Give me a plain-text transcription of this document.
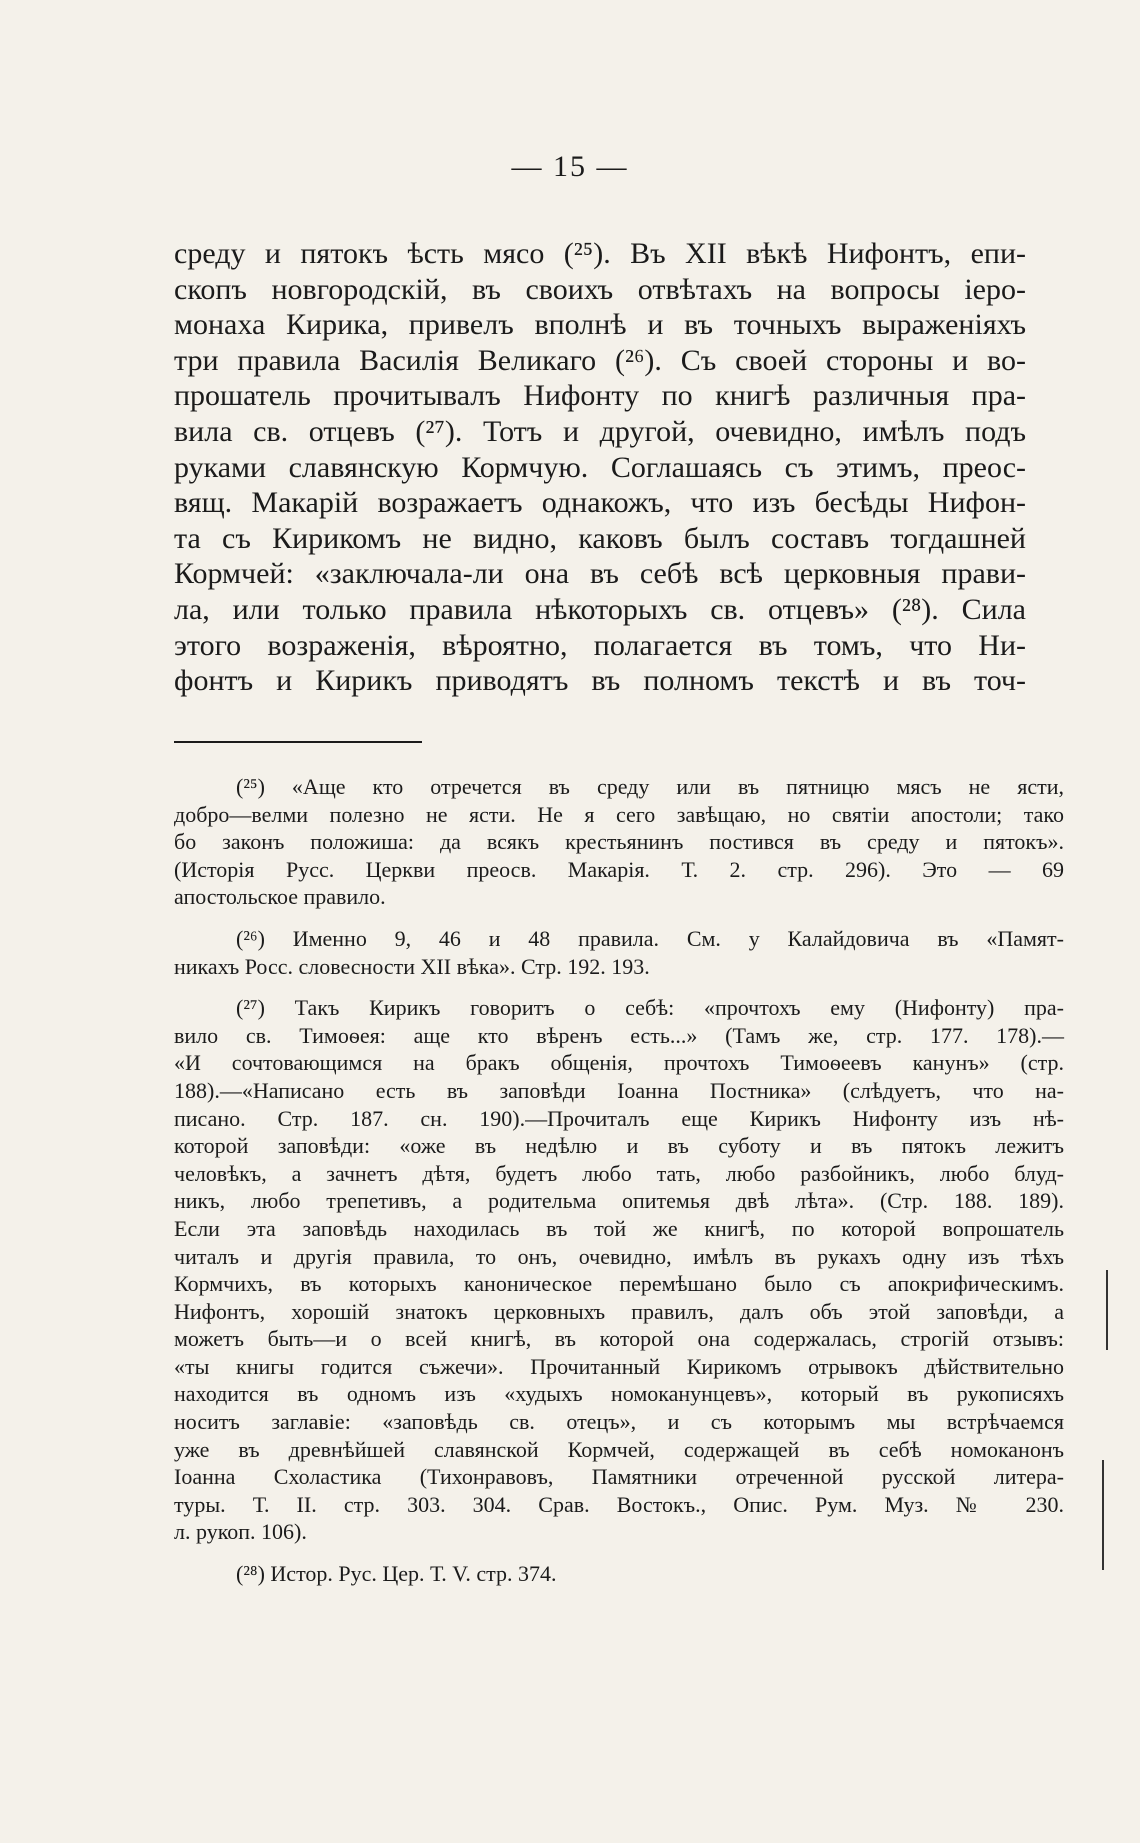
— 15 —
среду и пятокъ ѣсть мясо (²⁵). Въ XII вѣкѣ Нифонтъ, епи-
скопъ новгородскій, въ своихъ отвѣтахъ на вопросы іеро-
монаха Кирика, привелъ вполнѣ и въ точныхъ выраженіяхъ
три правила Василія Великаго (²⁶). Съ своей стороны и во-
прошатель прочитывалъ Нифонту по книгѣ различныя пра-
вила св. отцевъ (²⁷). Тотъ и другой, очевидно, имѣлъ подъ
руками славянскую Кормчую. Соглашаясь съ этимъ, преос-
вящ. Макарій возражаетъ однакожъ, что изъ бесѣды Нифон-
та съ Кирикомъ не видно, каковъ былъ составъ тогдашней
Кормчей: «заключала-ли она въ себѣ всѣ церковныя прави-
ла, или только правила нѣкоторыхъ св. отцевъ» (²⁸). Сила
этого возраженія, вѣроятно, полагается въ томъ, что Ни-
фонтъ и Кирикъ приводятъ въ полномъ текстѣ и въ точ-
(²⁵) «Аще кто отречется въ среду или въ пятницю мясъ не ясти,
добро—велми полезно не ясти. Не я сего завѣщаю, но святіи апостоли; тако
бо законъ положиша: да всякъ крестьянинъ постився въ среду и пятокъ».
(Исторія Русс. Церкви преосв. Макарія. Т. 2. стр. 296). Это — 69
апостольское правило.
(²⁶) Именно 9, 46 и 48 правила. См. у Калайдовича въ «Памят-
никахъ Росс. словесности XII вѣка». Стр. 192. 193.
(²⁷) Такъ Кирикъ говоритъ о себѣ: «прочтохъ ему (Нифонту) пра-
вило св. Тимоѳея: аще кто вѣренъ есть...» (Тамъ же, стр. 177. 178).—
«И сочтовающимся на бракъ общенія, прочтохъ Тимоѳеевъ канунъ» (стр.
188).—«Написано есть въ заповѣди Іоанна Постника» (слѣдуетъ, что на-
писано. Стр. 187. сн. 190).—Прочиталъ еще Кирикъ Нифонту изъ нѣ-
которой заповѣди: «оже въ недѣлю и въ суботу и въ пятокъ лежитъ
человѣкъ, а зачнетъ дѣтя, будетъ любо тать, любо разбойникъ, любо блуд-
никъ, любо трепетивъ, а родительма опитемья двѣ лѣта». (Стр. 188. 189).
Если эта заповѣдь находилась въ той же книгѣ, по которой вопрошатель
читалъ и другія правила, то онъ, очевидно, имѣлъ въ рукахъ одну изъ тѣхъ
Кормчихъ, въ которыхъ каноническое перемѣшано было съ апокрифическимъ.
Нифонтъ, хорошій знатокъ церковныхъ правилъ, далъ объ этой заповѣди, а
можетъ быть—и о всей книгѣ, въ которой она содержалась, строгій отзывъ:
«ты книгы годится съжечи». Прочитанный Кирикомъ отрывокъ дѣйствительно
находится въ одномъ изъ «худыхъ номоканунцевъ», который въ рукописяхъ
носитъ заглавіе: «заповѣдь св. отецъ», и съ которымъ мы встрѣчаемся
уже въ древнѣйшей славянской Кормчей, содержащей въ себѣ номоканонъ
Іоанна Схоластика (Тихонравовъ, Памятники отреченной русской литера-
туры. Т. II. стр. 303. 304. Срав. Востокъ., Опис. Рум. Муз. № 230.
л. рукоп. 106).
(²⁸) Истор. Рус. Цер. Т. V. стр. 374.
